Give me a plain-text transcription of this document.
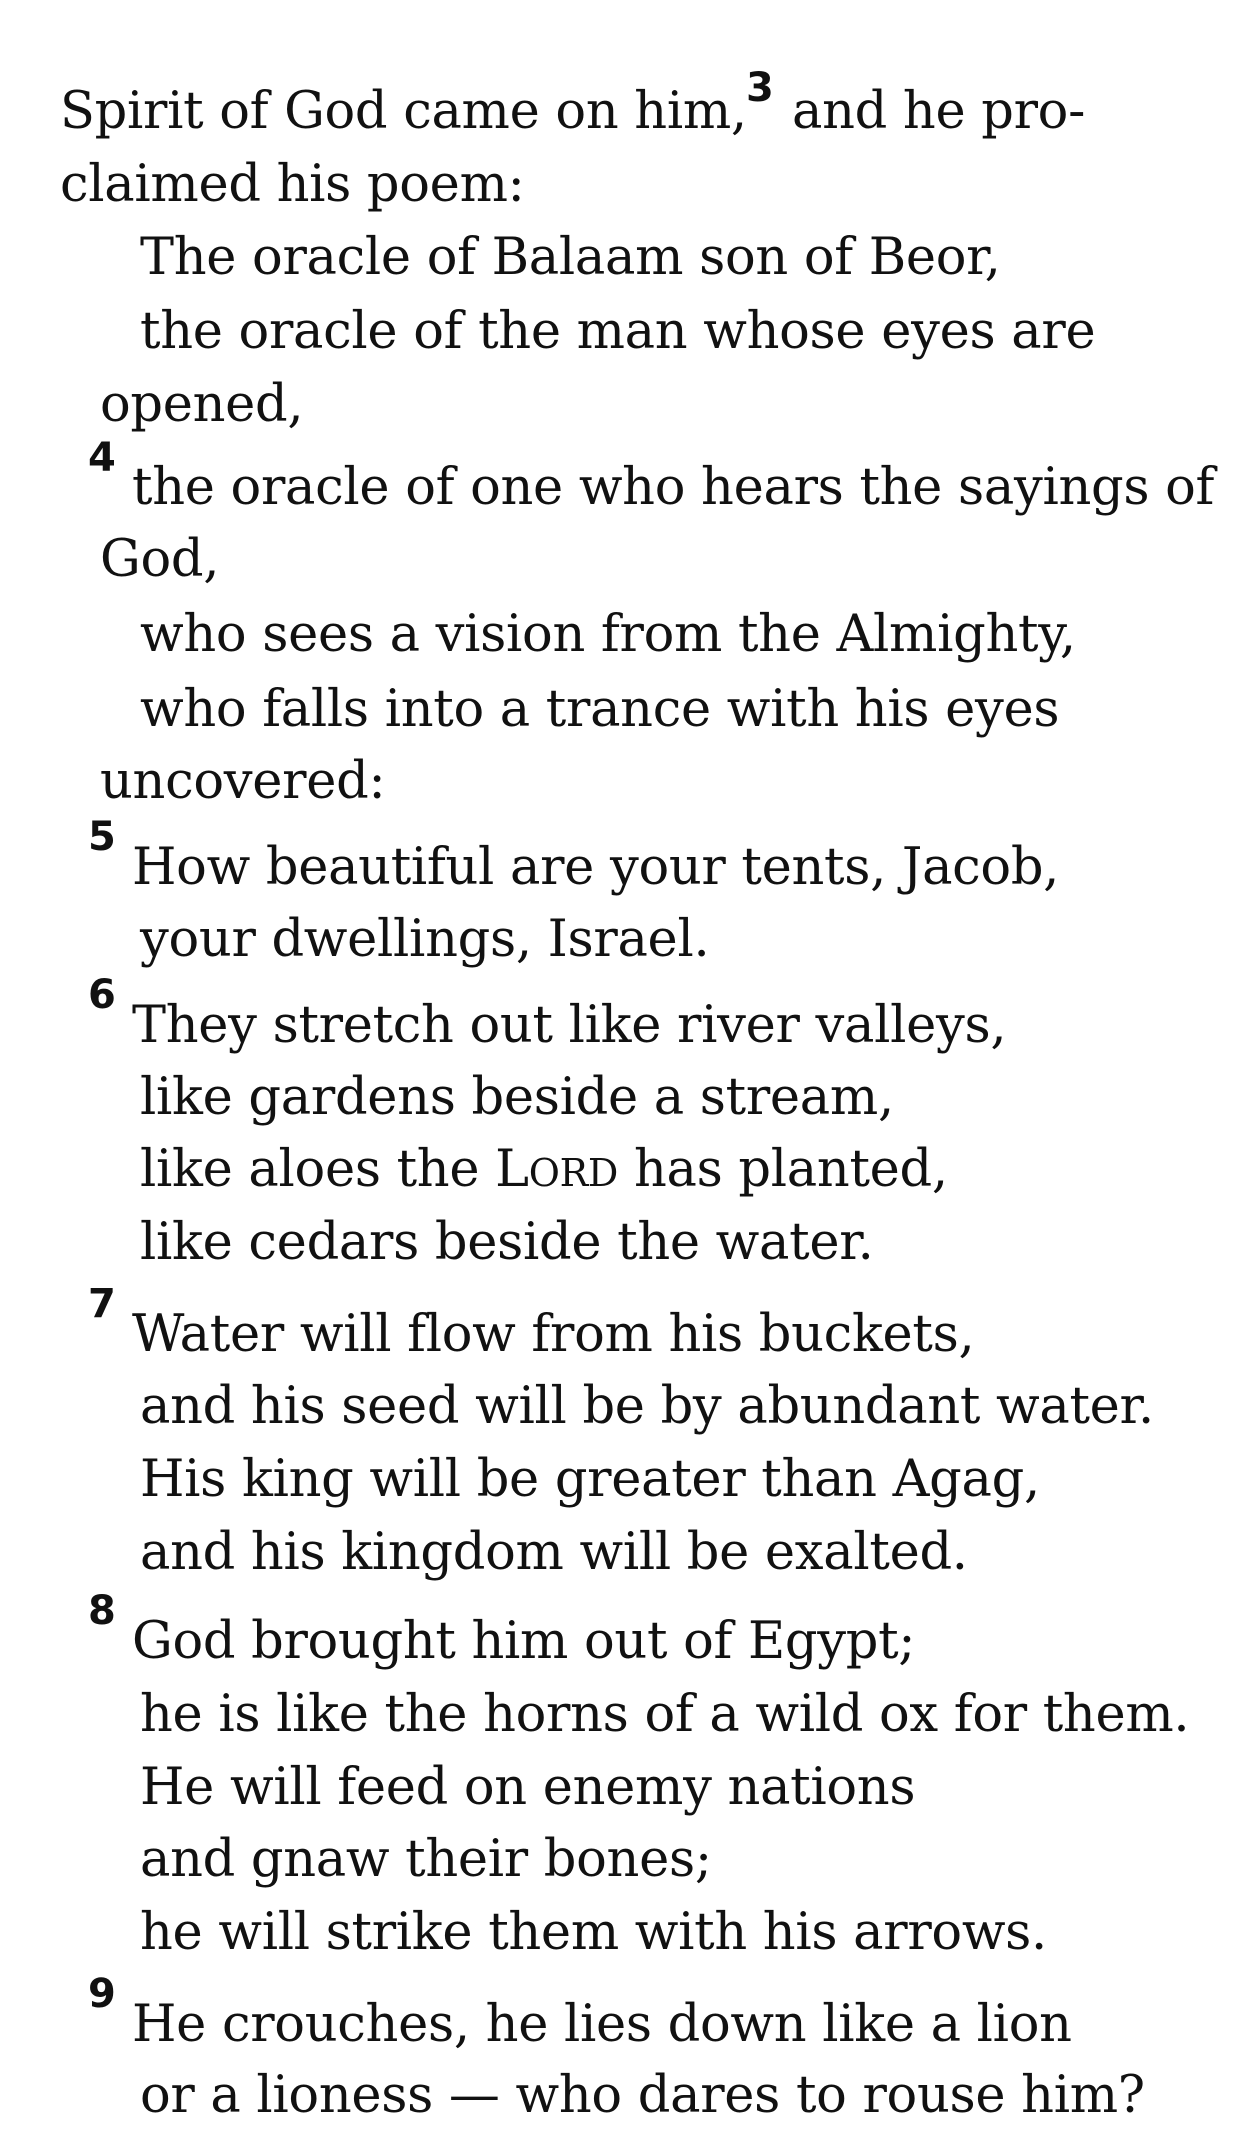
Spirit of God came on him, 3 and he pro-
claimed his poem:
The oracle of Balaam son of Beor,
the oracle of the man whose eyes are
opened,
4 the oracle of one who hears the sayings of
God,
who sees a vision from the Almighty,
who falls into a trance with his eyes
uncovered:
5
How beautiful are your tents, Jacob,
your dwellings, Israel.
6
They stretch out like river valleys,
like gardens beside a stream,
like aloes the LORD has planted,
like cedars beside the water.
7
Water will flow from his buckets,
and his seed will be by abundant water.
His king will be greater than Agag,
and his kingdom will be exalted.
8
God brought him out of Egypt;
he is like the horns of a wild ox for them.
He will feed on enemy nations
and gnaw their bones;
he will strike them with his arrows.
9
He crouches, he lies down like a lion
or a lioness — who dares to rouse him?
